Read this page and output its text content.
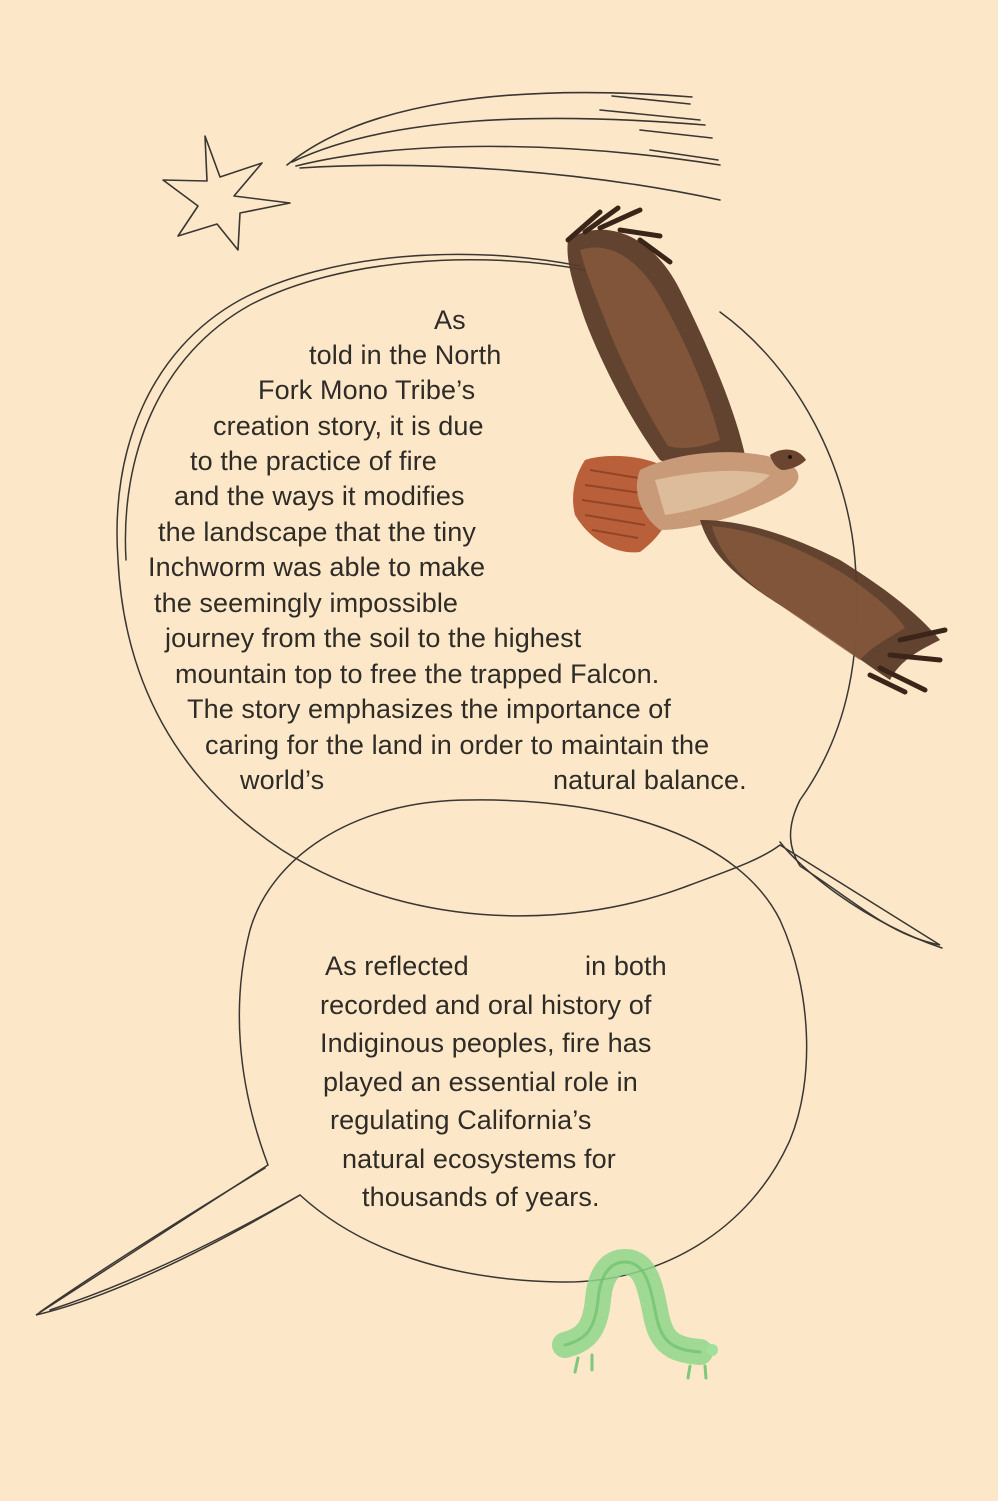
As
told in the North
Fork Mono Tribe’s
creation story, it is due
to the practice of fire
and the ways it modifies
the landscape that the tiny
Inchworm was able to make
the seemingly impossible
journey from the soil to the highest
mountain top to free the trapped Falcon.
The story emphasizes the importance of
caring for the land in order to maintain the
world’s	natural balance.
As reflected	in both
recorded and oral history of
Indiginous peoples, fire has
played an essential role in
regulating California’s
natural ecosystems for
thousands of years.
